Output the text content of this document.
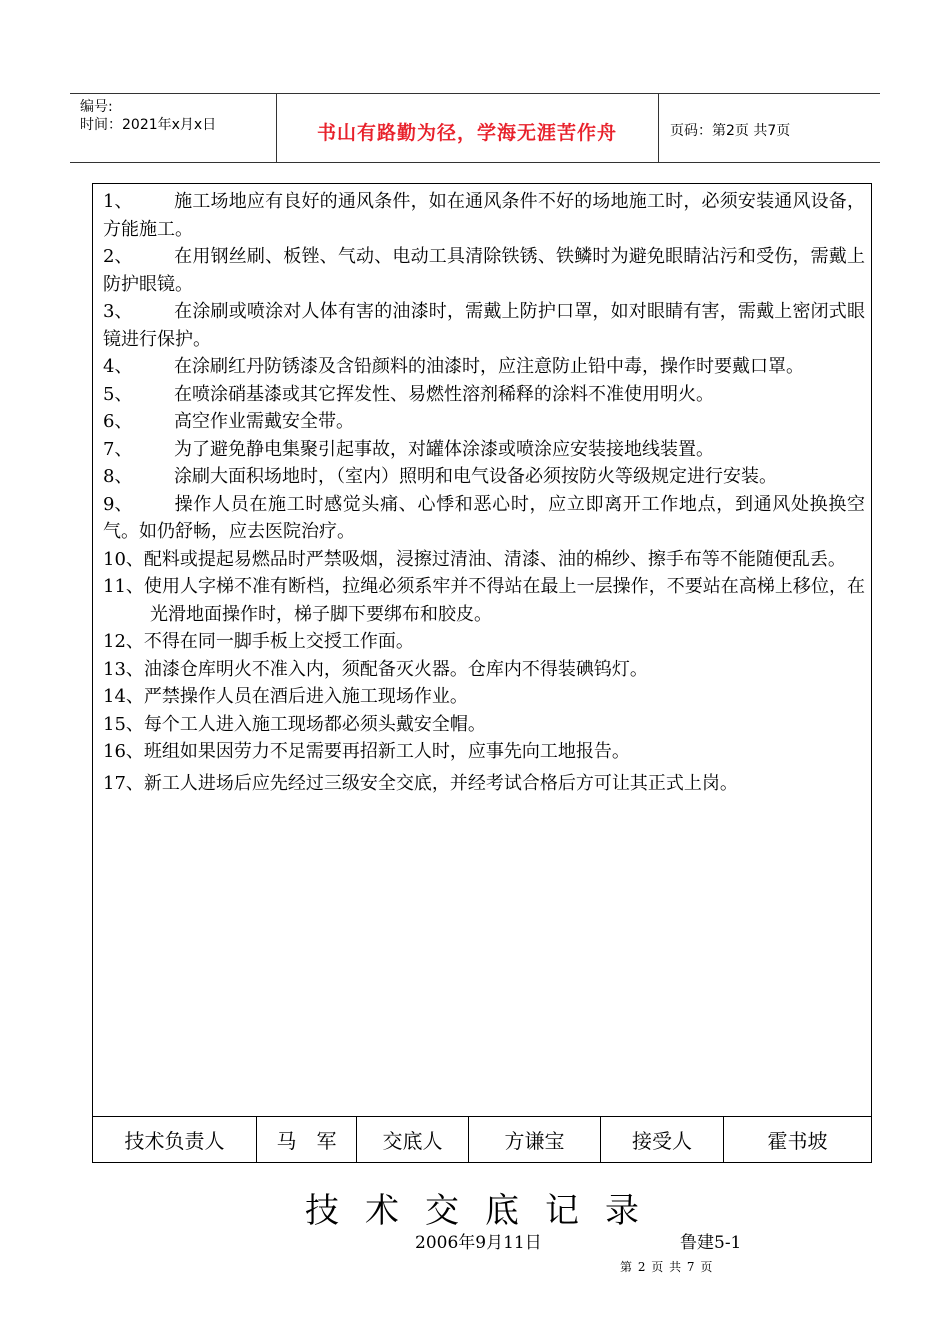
编号:
时间：2021年x月x日	书山有路勤为径，学海无涯苦作舟	页码：第2页 共7页

1、 施工场地应有良好的通风条件，如在通风条件不好的场地施工时，必须安装通风设备，方能施工。

2、 在用钢丝刷、板锉、气动、电动工具清除铁锈、铁鳞时为避免眼睛沾污和受伤，需戴上防护眼镜。

3、 在涂刷或喷涂对人体有害的油漆时，需戴上防护口罩，如对眼睛有害，需戴上密闭式眼镜进行保护。

4、 在涂刷红丹防锈漆及含铅颜料的油漆时，应注意防止铅中毒，操作时要戴口罩。

5、 在喷涂硝基漆或其它挥发性、易燃性溶剂稀释的涂料不准使用明火。

6、 高空作业需戴安全带。

7、 为了避免静电集聚引起事故，对罐体涂漆或喷涂应安装接地线装置。

8、 涂刷大面积场地时，（室内）照明和电气设备必须按防火等级规定进行安装。

9、 操作人员在施工时感觉头痛、心悸和恶心时，应立即离开工作地点，到通风处换换空气。如仍舒畅，应去医院治疗。

10、配料或提起易燃品时严禁吸烟，浸擦过清油、清漆、油的棉纱、擦手布等不能随便乱丢。

11、使用人字梯不准有断档，拉绳必须系牢并不得站在最上一层操作，不要站在高梯上移位，在光滑地面操作时，梯子脚下要绑布和胶皮。

12、不得在同一脚手板上交授工作面。

13、油漆仓库明火不准入内，须配备灭火器。仓库内不得装碘钨灯。

14、严禁操作人员在酒后进入施工现场作业。

15、每个工人进入施工现场都必须头戴安全帽。

16、班组如果因劳力不足需要再招新工人时，应事先向工地报告。

17、新工人进场后应先经过三级安全交底，并经考试合格后方可让其正式上岗。

技术负责人	马　军	交底人	方谦宝	接受人	霍书坡
技术交底记录
2006年9月11日	鲁建5-1
第 2 页 共 7 页
